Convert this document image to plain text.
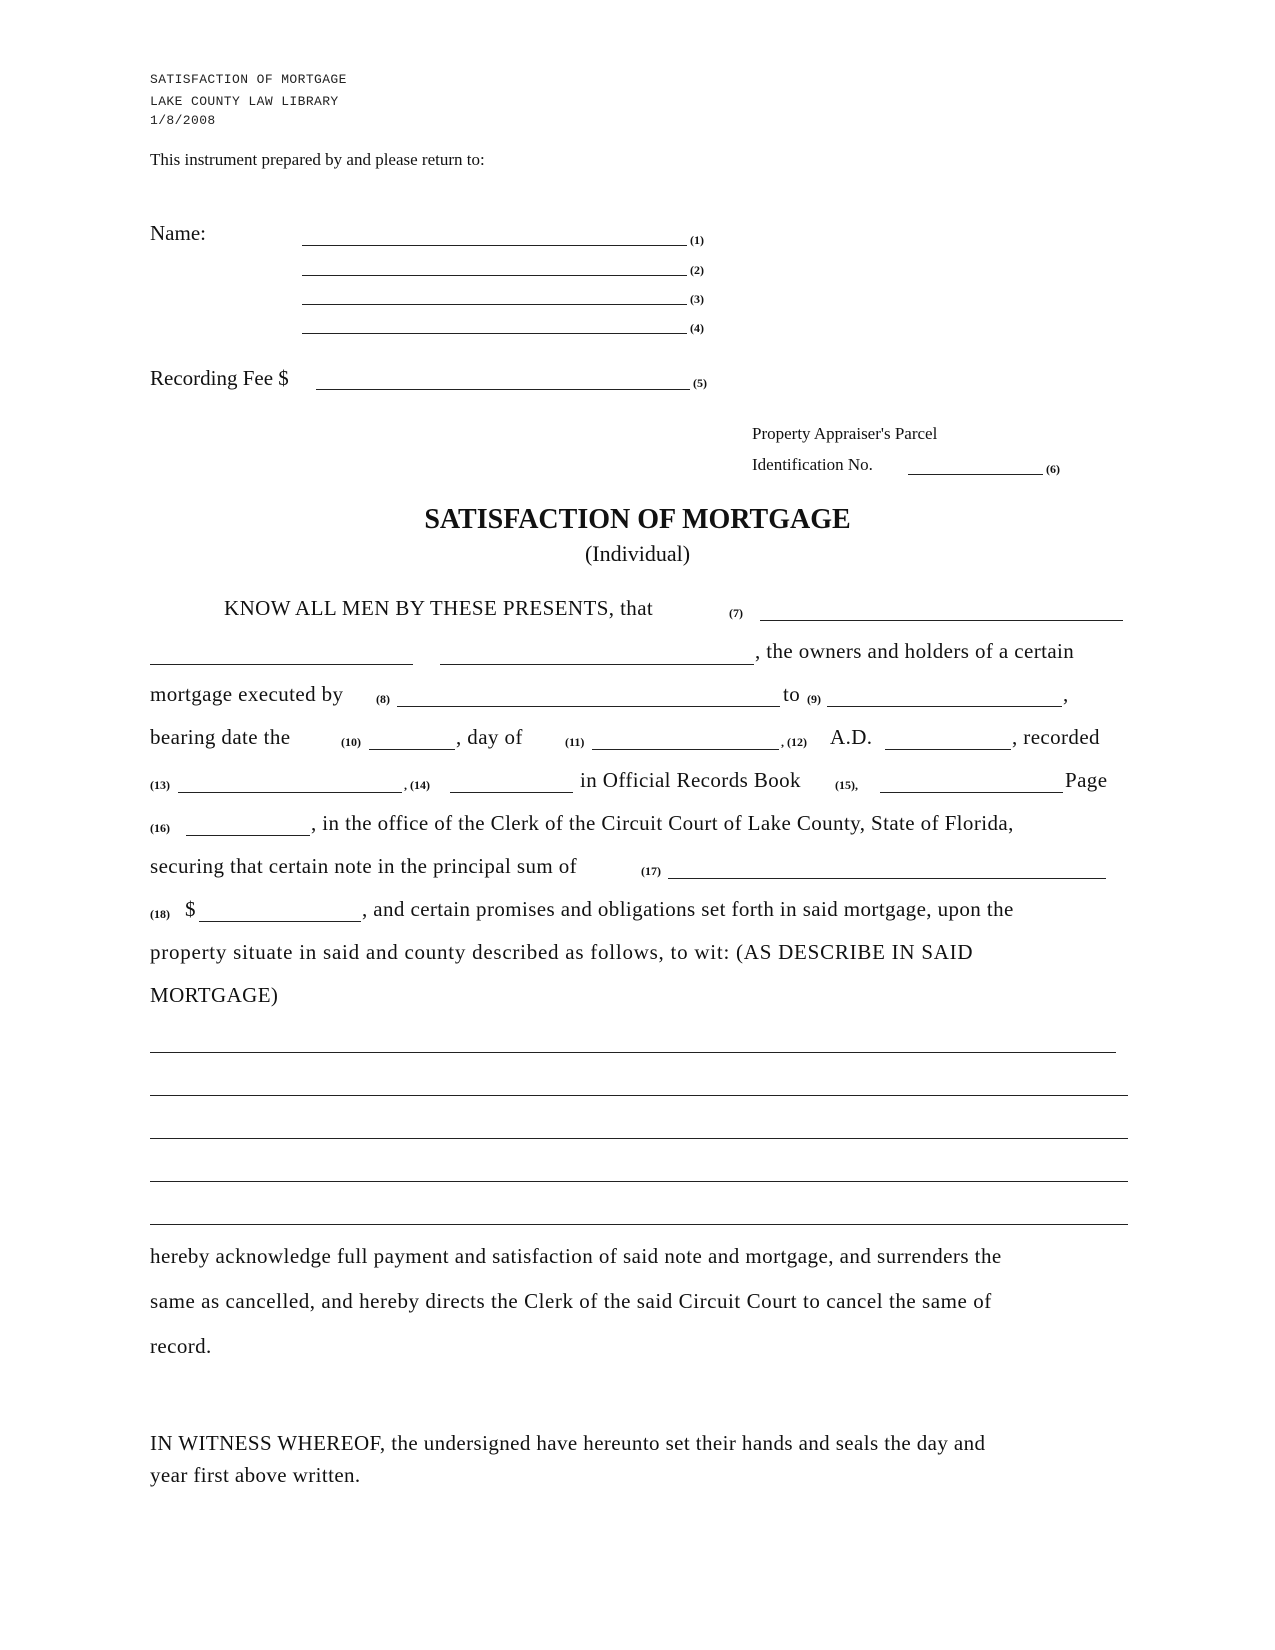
SATISFACTION OF MORTGAGE
LAKE COUNTY LAW LIBRARY
1/8/2008
This instrument prepared by and please return to:
Name:	(1)
(2)
(3)
(4)
Recording Fee $	(5)
Property Appraiser's Parcel
Identification No.	(6)
SATISFACTION OF MORTGAGE
(Individual)
KNOW ALL MEN BY THESE PRESENTS, that	(7)
, the owners and holders of a certain
mortgage executed by	(8)	to (9)	,
bearing date the	(10)	, day of	(11)	, (12) A.D.	, recorded
(13)	, (14)	in Official Records Book	(15),	Page
(16)	, in the office of the Clerk of the Circuit Court of Lake County, State of Florida,
securing that certain note in the principal sum of	(17)
(18) $	, and certain promises and obligations set forth in said mortgage, upon the
property situate in said and county described as follows, to wit: (AS DESCRIBE IN SAID
MORTGAGE)
hereby acknowledge full payment and satisfaction of said note and mortgage, and surrenders the
same as cancelled, and hereby directs the Clerk of the said Circuit Court to cancel the same of
record.
IN WITNESS WHEREOF, the undersigned have hereunto set their hands and seals the day and
year first above written.
